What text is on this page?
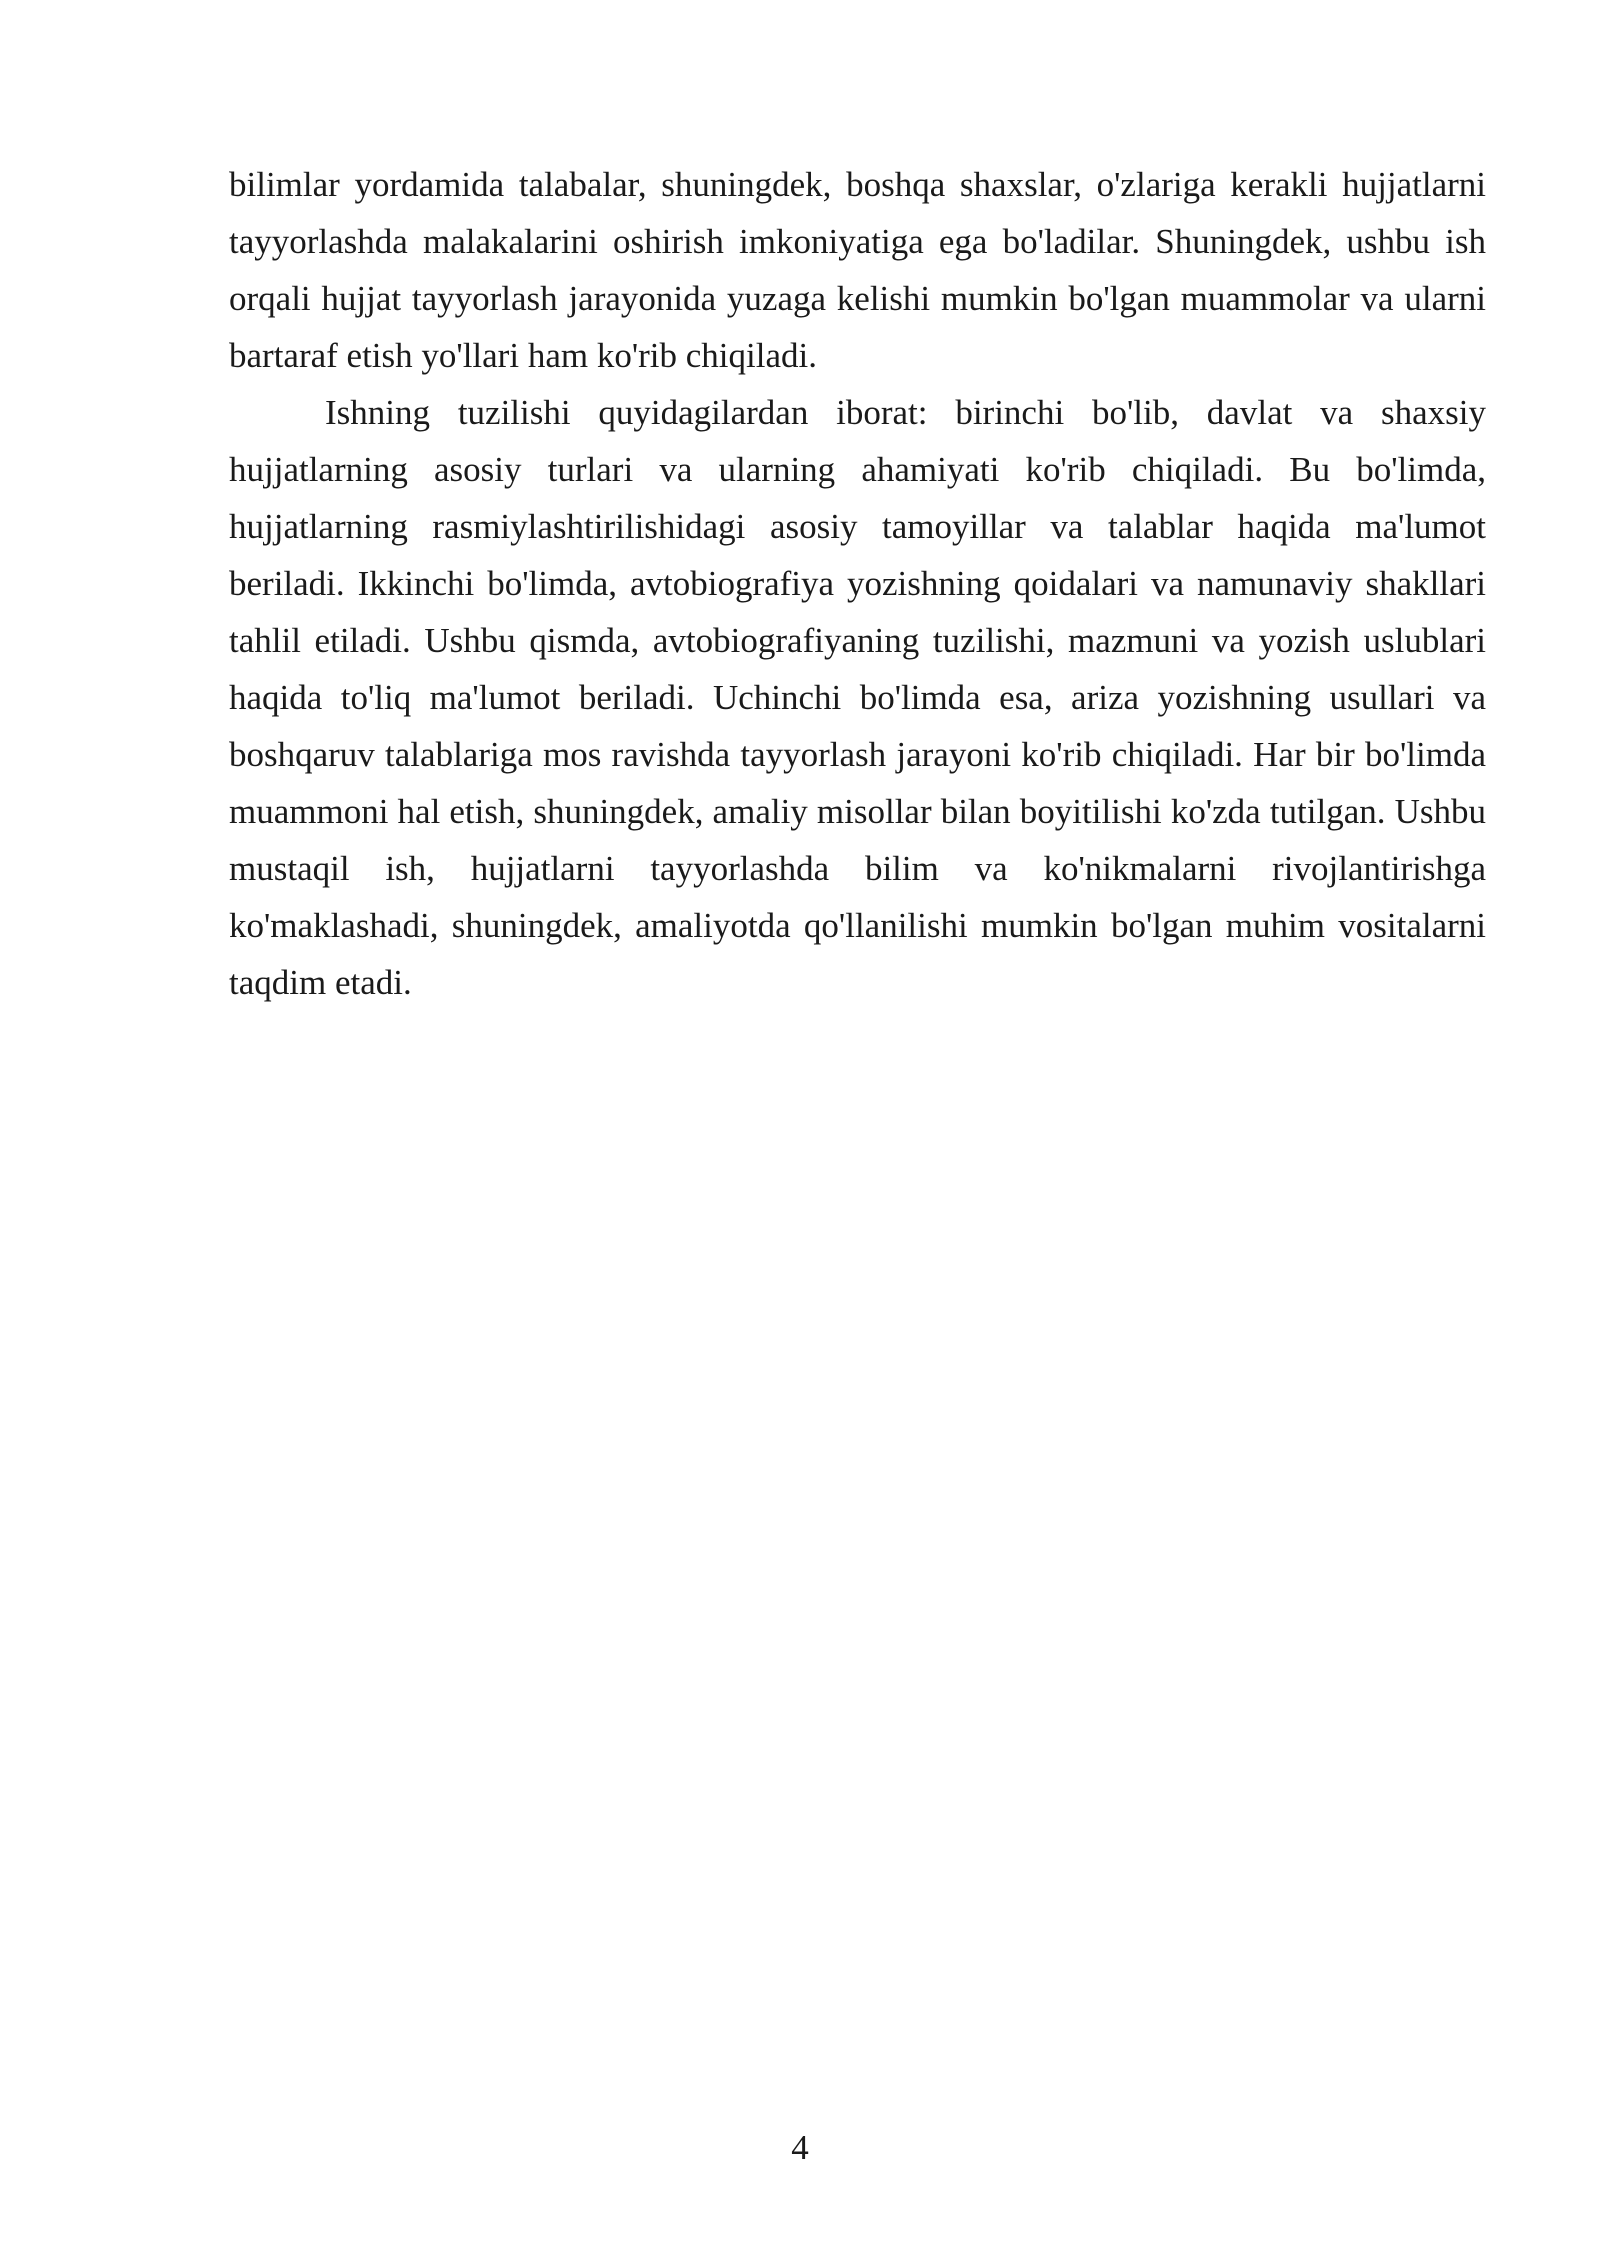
bilimlar yordamida talabalar, shuningdek, boshqa shaxslar, o'zlariga kerakli hujjatlarni tayyorlashda malakalarini oshirish imkoniyatiga ega bo'ladilar. Shuningdek, ushbu ish orqali hujjat tayyorlash jarayonida yuzaga kelishi mumkin bo'lgan muammolar va ularni bartaraf etish yo'llari ham ko'rib chiqiladi.

Ishning tuzilishi quyidagilardan iborat: birinchi bo'lib, davlat va shaxsiy hujjatlarning asosiy turlari va ularning ahamiyati ko'rib chiqiladi. Bu bo'limda, hujjatlarning rasmiylashtirilishidagi asosiy tamoyillar va talablar haqida ma'lumot beriladi. Ikkinchi bo'limda, avtobiografiya yozishning qoidalari va namunaviy shakllari tahlil etiladi. Ushbu qismda, avtobiografiyaning tuzilishi, mazmuni va yozish uslublari haqida to'liq ma'lumot beriladi. Uchinchi bo'limda esa, ariza yozishning usullari va boshqaruv talablariga mos ravishda tayyorlash jarayoni ko'rib chiqiladi. Har bir bo'limda muammoni hal etish, shuningdek, amaliy misollar bilan boyitilishi ko'zda tutilgan. Ushbu mustaqil ish, hujjatlarni tayyorlashda bilim va ko'nikmalarni rivojlantirishga ko'maklashadi, shuningdek, amaliyotda qo'llanilishi mumkin bo'lgan muhim vositalarni taqdim etadi.

4
